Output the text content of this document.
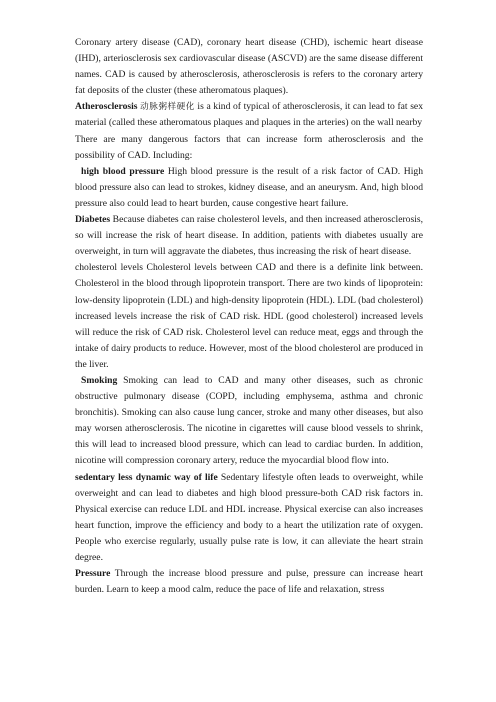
Coronary artery disease (CAD), coronary heart disease (CHD), ischemic heart disease (IHD), arteriosclerosis sex cardiovascular disease (ASCVD) are the same disease different names. CAD is caused by atherosclerosis, atherosclerosis is refers to the coronary artery fat deposits of the cluster (these atheromatous plaques).

Atherosclerosis 动脉粥样硬化 is a kind of typical of atherosclerosis, it can lead to fat sex material (called these atheromatous plaques and plaques in the arteries) on the wall nearby

There are many dangerous factors that can increase form atherosclerosis and the possibility of CAD. Including:

high blood pressure High blood pressure is the result of a risk factor of CAD. High blood pressure also can lead to strokes, kidney disease, and an aneurysm. And, high blood pressure also could lead to heart burden, cause congestive heart failure.

Diabetes Because diabetes can raise cholesterol levels, and then increased atherosclerosis, so will increase the risk of heart disease. In addition, patients with diabetes usually are overweight, in turn will aggravate the diabetes, thus increasing the risk of heart disease.

cholesterol levels Cholesterol levels between CAD and there is a definite link between. Cholesterol in the blood through lipoprotein transport. There are two kinds of lipoprotein: low-density lipoprotein (LDL) and high-density lipoprotein (HDL). LDL (bad cholesterol) increased levels increase the risk of CAD risk. HDL (good cholesterol) increased levels will reduce the risk of CAD risk. Cholesterol level can reduce meat, eggs and through the intake of dairy products to reduce. However, most of the blood cholesterol are produced in the liver.

Smoking Smoking can lead to CAD and many other diseases, such as chronic obstructive pulmonary disease (COPD, including emphysema, asthma and chronic bronchitis). Smoking can also cause lung cancer, stroke and many other diseases, but also may worsen atherosclerosis. The nicotine in cigarettes will cause blood vessels to shrink, this will lead to increased blood pressure, which can lead to cardiac burden. In addition, nicotine will compression coronary artery, reduce the myocardial blood flow into.

sedentary less dynamic way of life Sedentary lifestyle often leads to overweight, while overweight and can lead to diabetes and high blood pressure-both CAD risk factors in. Physical exercise can reduce LDL and HDL increase. Physical exercise can also increases heart function, improve the efficiency and body to a heart the utilization rate of oxygen. People who exercise regularly, usually pulse rate is low, it can alleviate the heart strain degree.

Pressure Through the increase blood pressure and pulse, pressure can increase heart burden. Learn to keep a mood calm, reduce the pace of life and relaxation, stress
